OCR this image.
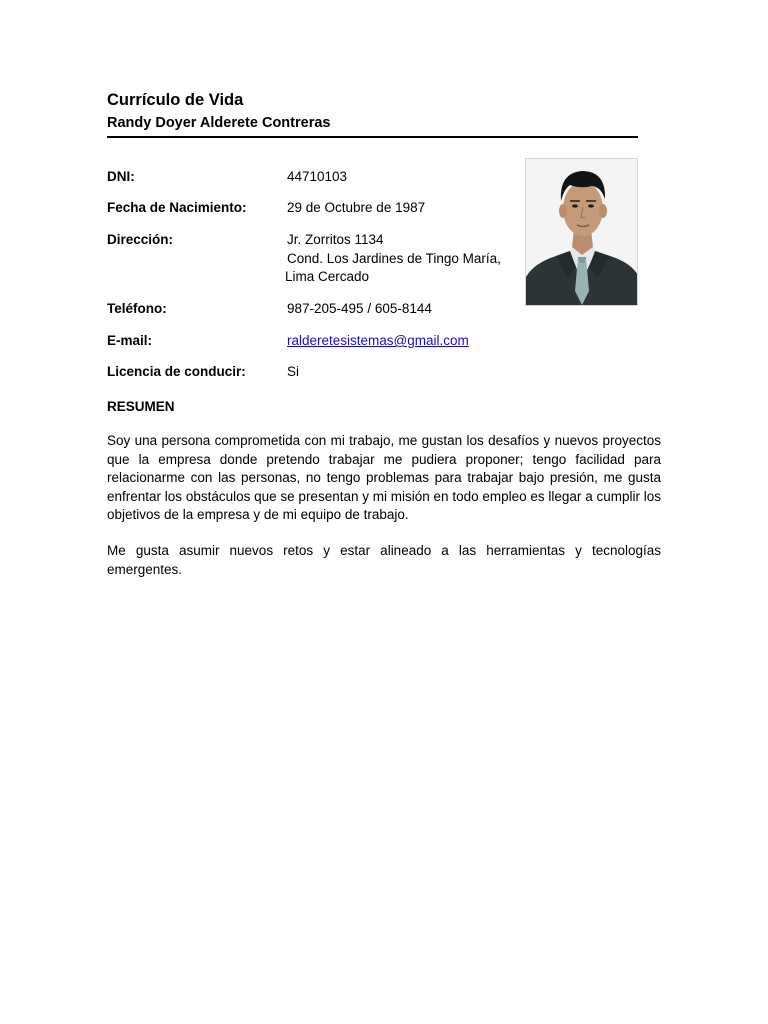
Currículo de Vida
Randy Doyer Alderete Contreras
DNI:	44710103
Fecha de Nacimiento:	29 de Octubre de 1987
Dirección:	Jr. Zorritos 1134
Cond. Los Jardines de Tingo María,
Lima Cercado
Teléfono:	987-205-495 / 605-8144
E-mail:	ralderetesistemas@gmail.com
Licencia de conducir:	Si
RESUMEN

Soy una persona comprometida con mi trabajo, me gustan los desafíos y nuevos proyectos que la empresa donde pretendo trabajar me pudiera proponer; tengo facilidad para relacionarme con las personas, no tengo problemas para trabajar bajo presión, me gusta enfrentar los obstáculos que se presentan y mi misión en todo empleo es llegar a cumplir los objetivos de la empresa y de mi equipo de trabajo.

Me gusta asumir nuevos retos y estar alineado a las herramientas y tecnologías emergentes.
